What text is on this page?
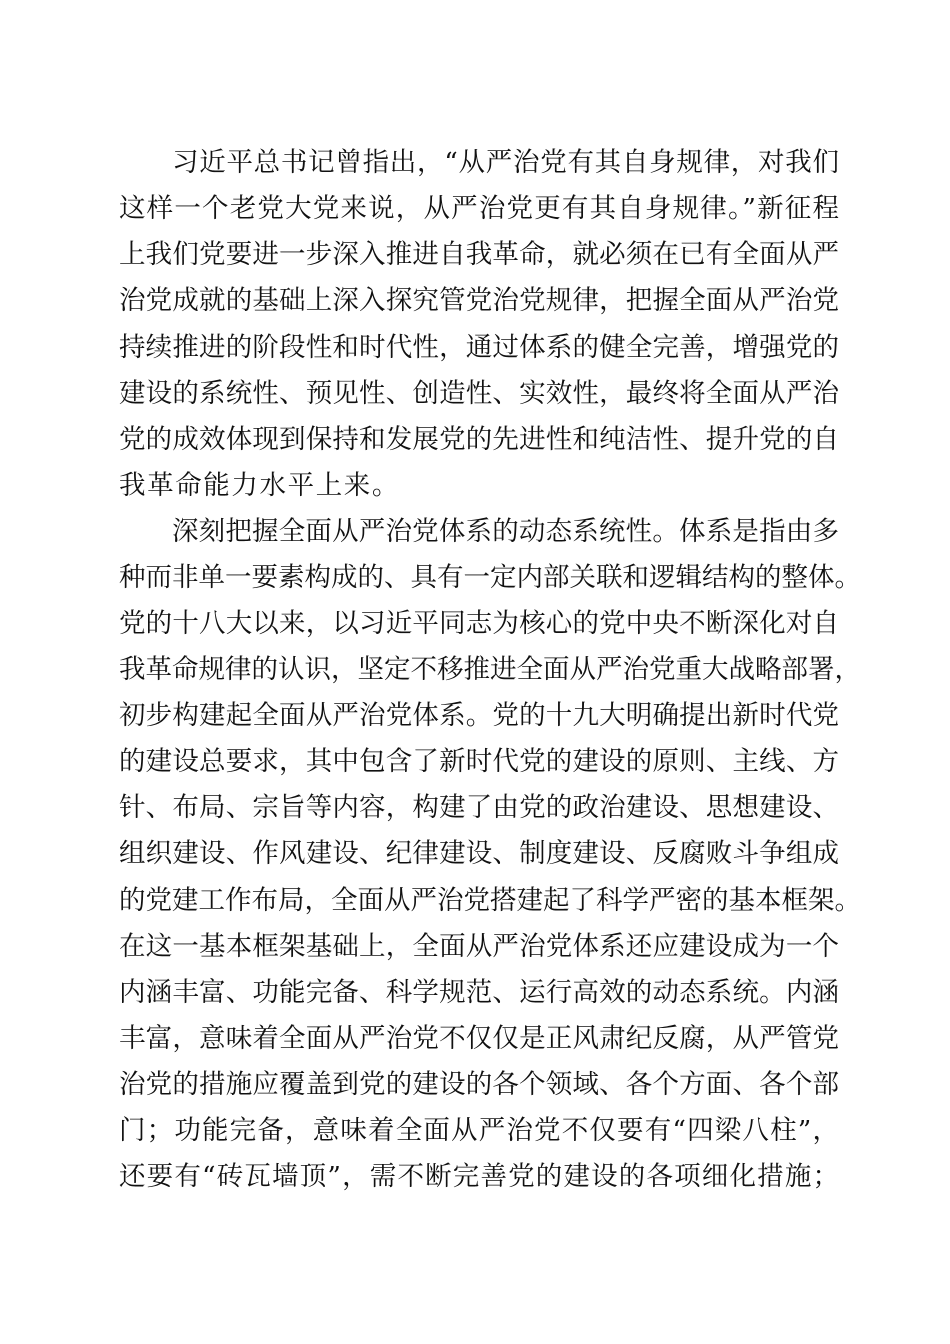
习近平总书记曾指出，“从严治党有其自身规律，对我们
这样一个老党大党来说，从严治党更有其自身规律。”新征程
上我们党要进一步深入推进自我革命，就必须在已有全面从严
治党成就的基础上深入探究管党治党规律，把握全面从严治党
持续推进的阶段性和时代性，通过体系的健全完善，增强党的
建设的系统性、预见性、创造性、实效性，最终将全面从严治
党的成效体现到保持和发展党的先进性和纯洁性、提升党的自
我革命能力水平上来。
深刻把握全面从严治党体系的动态系统性。体系是指由多
种而非单一要素构成的、具有一定内部关联和逻辑结构的整体。
党的十八大以来，以习近平同志为核心的党中央不断深化对自
我革命规律的认识，坚定不移推进全面从严治党重大战略部署，
初步构建起全面从严治党体系。党的十九大明确提出新时代党
的建设总要求，其中包含了新时代党的建设的原则、主线、方
针、布局、宗旨等内容，构建了由党的政治建设、思想建设、
组织建设、作风建设、纪律建设、制度建设、反腐败斗争组成
的党建工作布局，全面从严治党搭建起了科学严密的基本框架。
在这一基本框架基础上，全面从严治党体系还应建设成为一个
内涵丰富、功能完备、科学规范、运行高效的动态系统。内涵
丰富，意味着全面从严治党不仅仅是正风肃纪反腐，从严管党
治党的措施应覆盖到党的建设的各个领域、各个方面、各个部
门；功能完备，意味着全面从严治党不仅要有“四梁八柱”，
还要有“砖瓦墙顶”，需不断完善党的建设的各项细化措施；
